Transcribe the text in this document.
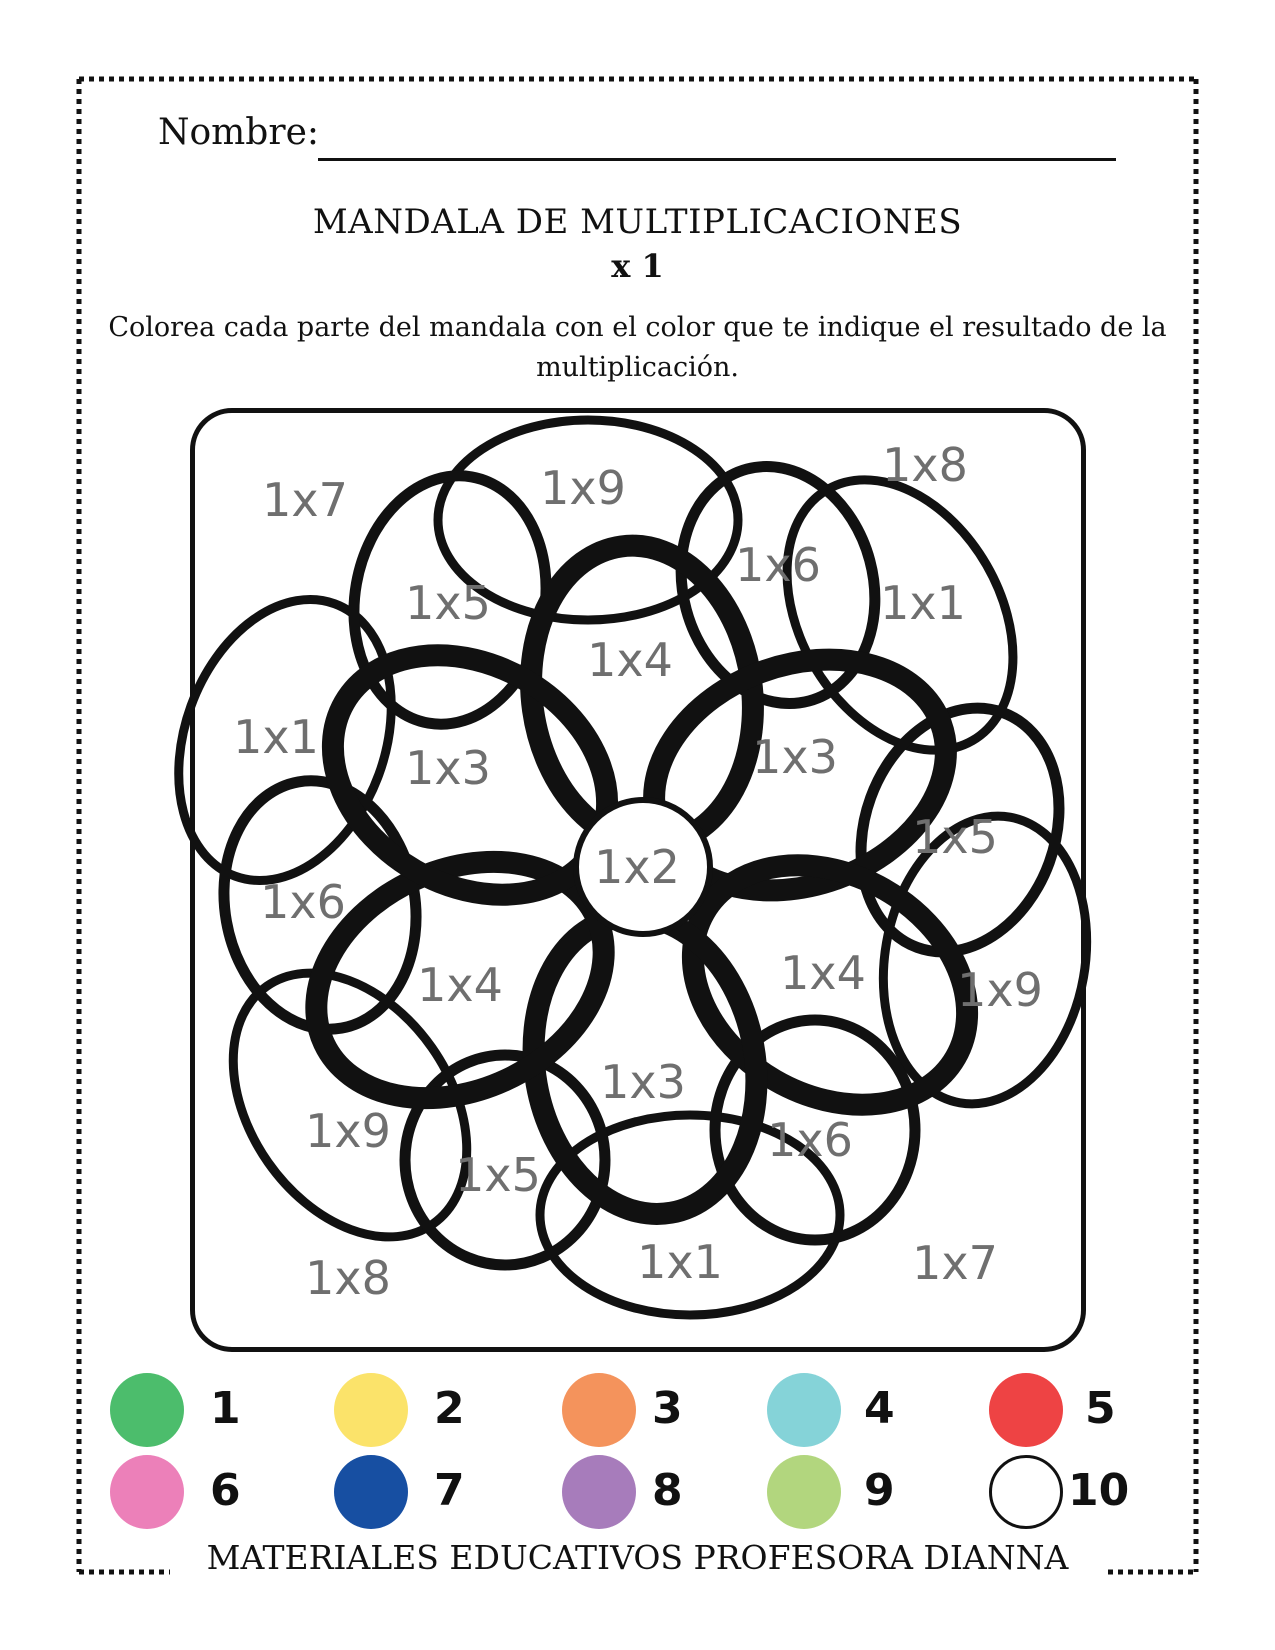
Nombre:
MANDALA DE MULTIPLICACIONES
x 1
Colorea cada parte del mandala con el color que te indique el resultado de la multiplicación.
1x7
1x8
1x8	1x7
1x9
1x1
1x9
1x1
1x9
1x1
1x5
1x6
1x5
1x6
1x5
1x6
1x4
1x3
1x4
1x3
1x4
1x3
1x2
1	2	3	4	5
6	7	8	9	10
MATERIALES EDUCATIVOS PROFESORA DIANNA
